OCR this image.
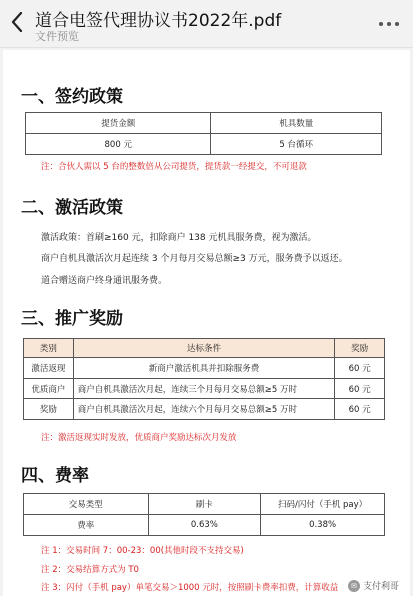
道合电签代理协议书2022年.pdf
文件预览
一、签约政策
提货金额	机具数量
800 元	5 台循环
注：合伙人需以 5 台的整数倍从公司提货，提货款一经提交，不可退款
二、激活政策
激活政策：首刷≥160 元，扣除商户 138 元机具服务费，视为激活。
商户自机具激活次月起连续 3 个月每月交易总额≥3 万元，服务费予以返还。
道合赠送商户终身通讯服务费。
三、推广奖励
类别	达标条件	奖励
激活返现	新商户激活机具并扣除服务费	60 元
优质商户	商户自机具激活次月起，连续三个月每月交易总额≥5 万时	60 元
奖励	商户自机具激活次月起，连续六个月每月交易总额≥5 万时	60 元
注：激活返现实时发放，优质商户奖励达标次月发放
四、费率
交易类型	刷卡	扫码/闪付（手机 pay）
费率	0.63%	0.38%
注 1：交易时间 7：00-23：00(其他时段不支持交易)
注 2：交易结算方式为 T0
注 3：闪付（手机 pay）单笔交易＞1000 元时，按照刷卡费率扣费，计算收益	✉ 支付利哥
